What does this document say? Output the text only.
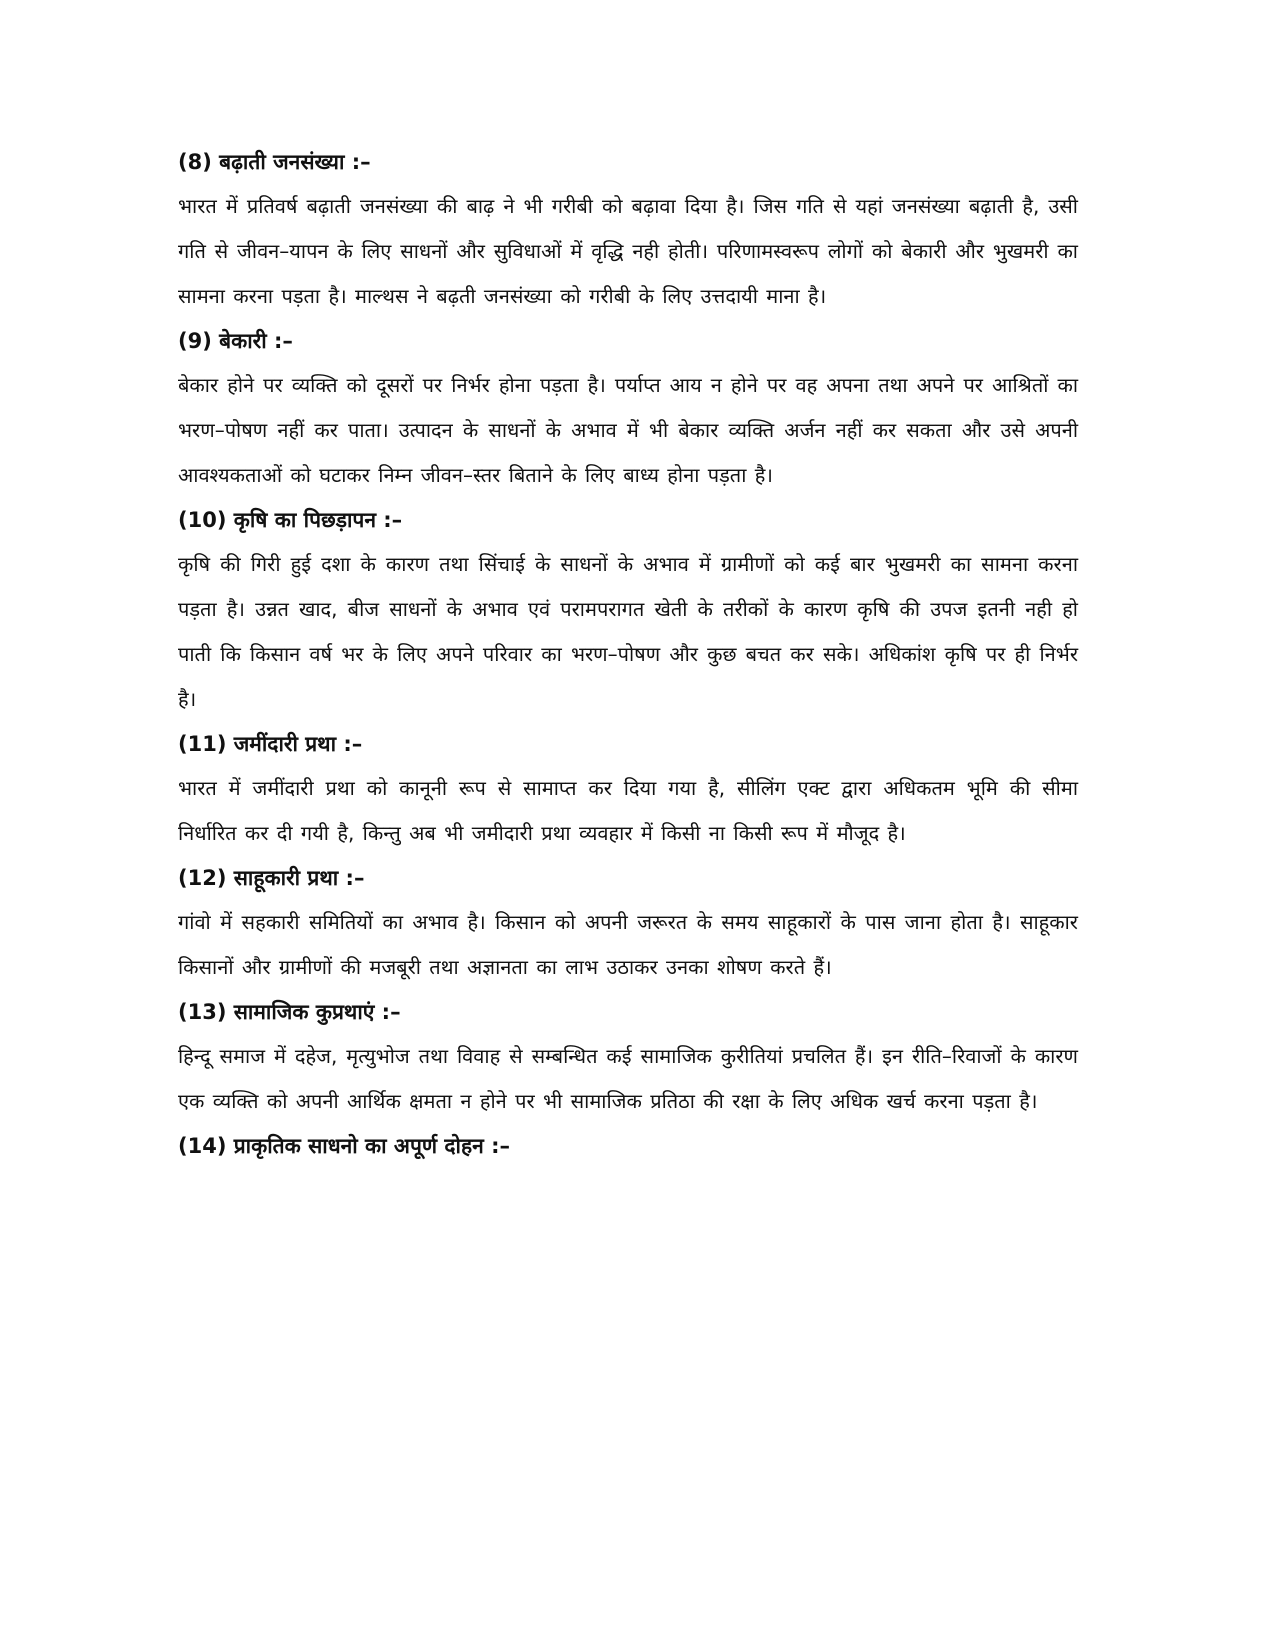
(8) बढ़ाती जनसंख्या :–

भारत में प्रतिवर्ष बढ़ाती जनसंख्या की बाढ़ ने भी गरीबी को बढ़ावा दिया है। जिस गति से यहां जनसंख्या बढ़ाती है, उसी गति से जीवन–यापन के लिए साधनों और सुविधाओं में वृद्धि नही होती। परिणामस्वरूप लोगों को बेकारी और भुखमरी का सामना करना पड़ता है। माल्थस ने बढ़ती जनसंख्या को गरीबी के लिए उत्तदायी माना है।

(9) बेकारी :–

बेकार होने पर व्यक्ति को दूसरों पर निर्भर होना पड़ता है। पर्याप्त आय न होने पर वह अपना तथा अपने पर आश्रितों का भरण–पोषण नहीं कर पाता। उत्पादन के साधनों के अभाव में भी बेकार व्यक्ति अर्जन नहीं कर सकता और उसे अपनी आवश्यकताओं को घटाकर निम्न जीवन–स्तर बिताने के लिए बाध्य होना पड़ता है।

(10) कृषि का पिछड़ापन :–

कृषि की गिरी हुई दशा के कारण तथा सिंचाई के साधनों के अभाव में ग्रामीणों को कई बार भुखमरी का सामना करना पड़ता है। उन्नत खाद, बीज साधनों के अभाव एवं परामपरागत खेती के तरीकों के कारण कृषि की उपज इतनी नही हो पाती कि किसान वर्ष भर के लिए अपने परिवार का भरण–पोषण और कुछ बचत कर सके। अधिकांश कृषि पर ही निर्भर है।

(11) जमींदारी प्रथा :–

भारत में जमींदारी प्रथा को कानूनी रूप से सामाप्त कर दिया गया है, सीलिंग एक्ट द्वारा अधिकतम भूमि की सीमा निर्धारित कर दी गयी है, किन्तु अब भी जमीदारी प्रथा व्यवहार में किसी ना किसी रूप में मौजूद है।

(12) साहूकारी प्रथा :–

गांवो में सहकारी समितियों का अभाव है। किसान को अपनी जरूरत के समय साहूकारों के पास जाना होता है। साहूकार किसानों और ग्रामीणों की मजबूरी तथा अज्ञानता का लाभ उठाकर उनका शोषण करते हैं।

(13) सामाजिक कुप्रथाएं :–

हिन्दू समाज में दहेज, मृत्युभोज तथा विवाह से सम्बन्धित कई सामाजिक कुरीतियां प्रचलित हैं। इन रीति–रिवाजों के कारण एक व्यक्ति को अपनी आर्थिक क्षमता न होने पर भी सामाजिक प्रतिठा की रक्षा के लिए अधिक खर्च करना पड़ता है।

(14) प्राकृतिक साधनो का अपूर्ण दोहन :–
